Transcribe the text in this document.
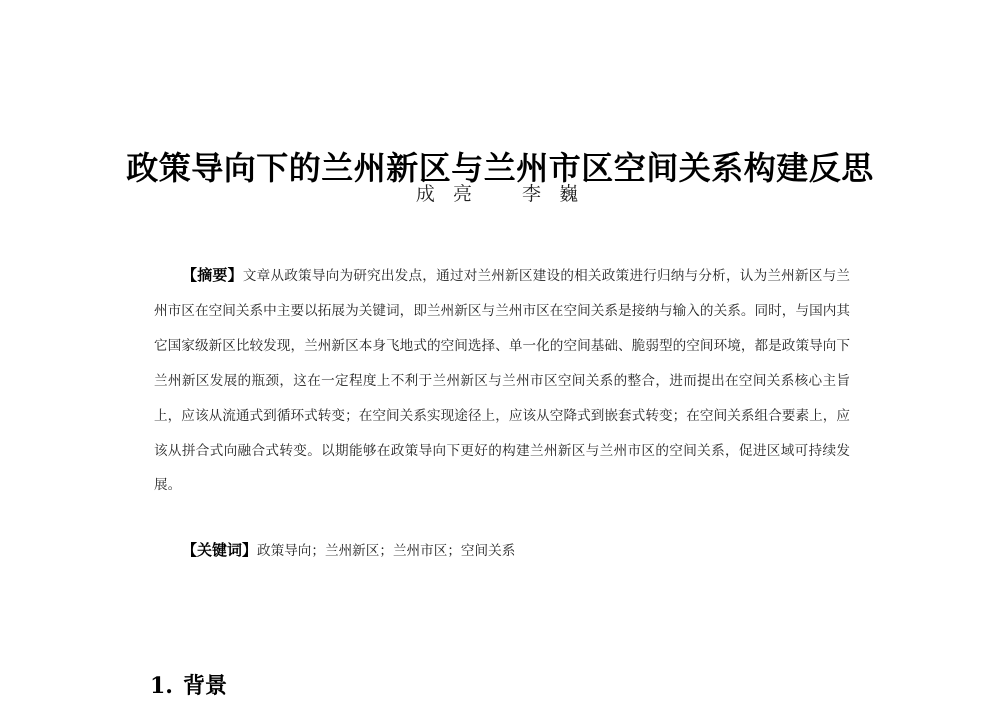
政策导向下的兰州新区与兰州市区空间关系构建反思
成 亮 李 巍

【摘要】文章从政策导向为研究出发点，通过对兰州新区建设的相关政策进行归纳与分析，认为兰州新区与兰州市区在空间关系中主要以拓展为关键词，即兰州新区与兰州市区在空间关系是接纳与输入的关系。同时，与国内其它国家级新区比较发现，兰州新区本身飞地式的空间选择、单一化的空间基础、脆弱型的空间环境，都是政策导向下兰州新区发展的瓶颈，这在一定程度上不利于兰州新区与兰州市区空间关系的整合，进而提出在空间关系核心主旨上，应该从流通式到循环式转变；在空间关系实现途径上，应该从空降式到嵌套式转变；在空间关系组合要素上，应该从拼合式向融合式转变。以期能够在政策导向下更好的构建兰州新区与兰州市区的空间关系，促进区域可持续发展。

【关键词】政策导向；兰州新区；兰州市区；空间关系

1. 背景
